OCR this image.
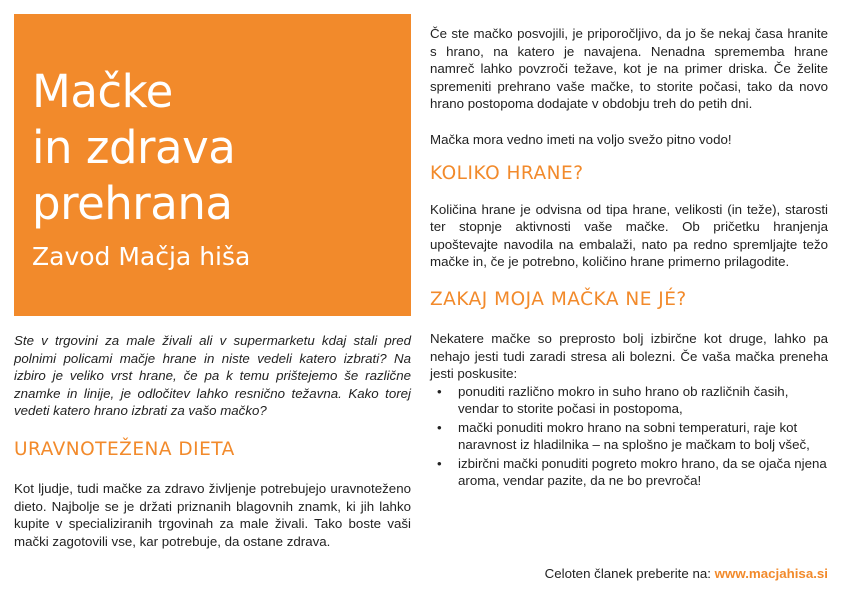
Mačke
in zdrava
prehrana
Zavod Mačja hiša

Ste v trgovini za male živali ali v supermarketu kdaj stali pred polnimi policami mačje hrane in niste vedeli katero izbrati? Na izbiro je veliko vrst hrane, če pa k temu prištejemo še različne znamke in linije, je odločitev lahko resnično težavna. Kako torej vedeti katero hrano izbrati za vašo mačko?

URAVNOTEŽENA DIETA

Kot ljudje, tudi mačke za zdravo življenje potrebujejo uravnoteženo dieto. Najbolje se je držati priznanih blagovnih znamk, ki jih lahko kupite v specializiranih trgovinah za male živali. Tako boste vaši mački zagotovili vse, kar potrebuje, da ostane zdrava.

Če ste mačko posvojili, je priporočljivo, da jo še nekaj časa hranite s hrano, na katero je navajena. Nenadna sprememba hrane namreč lahko povzroči težave, kot je na primer driska. Če želite spremeniti prehrano vaše mačke, to storite počasi, tako da novo hrano postopoma dodajate v obdobju treh do petih dni.

Mačka mora vedno imeti na voljo svežo pitno vodo!

KOLIKO HRANE?

Količina hrane je odvisna od tipa hrane, velikosti (in teže), starosti ter stopnje aktivnosti vaše mačke. Ob pričetku hranjenja upoštevajte navodila na embalaži, nato pa redno spremljajte težo mačke in, če je potrebno, količino hrane primerno prilagodite.

ZAKAJ MOJA MAČKA NE JÉ?

Nekatere mačke so preprosto bolj izbirčne kot druge, lahko pa nehajo jesti tudi zaradi stresa ali bolezni. Če vaša mačka preneha jesti poskusite:

• ponuditi različno mokro in suho hrano ob različnih časih, vendar to storite počasi in postopoma,
• mački ponuditi mokro hrano na sobni temperaturi, raje kot naravnost iz hladilnika – na splošno je mačkam to bolj všeč,
• izbirčni mački ponuditi pogreto mokro hrano, da se ojača njena aroma, vendar pazite, da ne bo prevroča!
Celoten članek preberite na: www.macjahisa.si
